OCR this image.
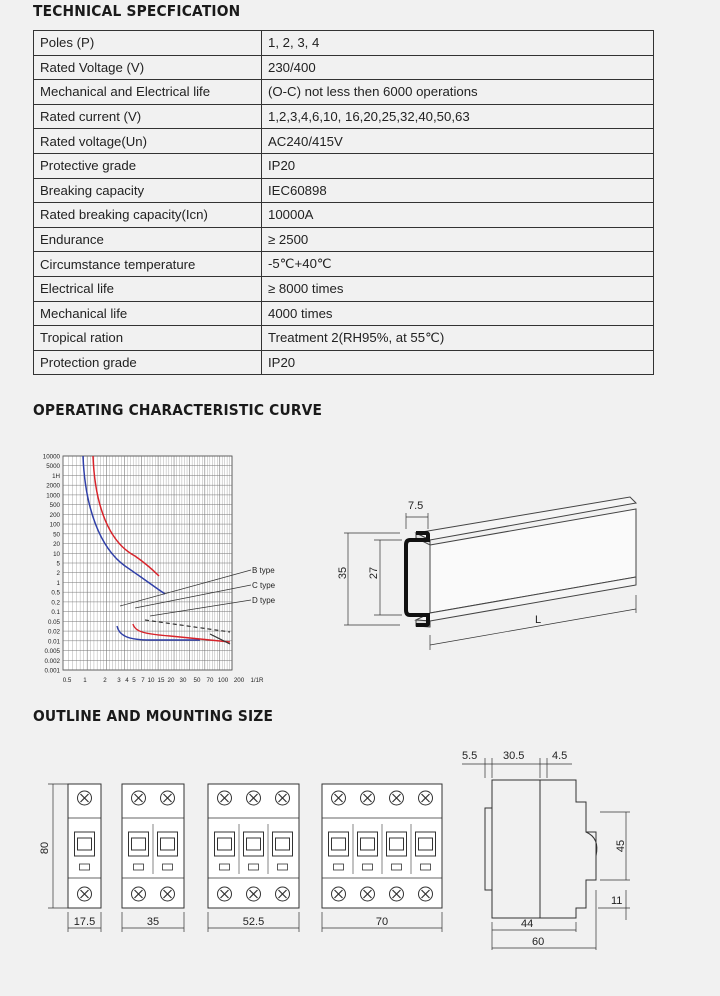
TECHNICAL SPECFICATION
Poles (P)	1, 2, 3, 4
Rated Voltage (V)	230/400
Mechanical and Electrical life	(O-C) not less then 6000 operations
Rated current (V)	1,2,3,4,6,10, 16,20,25,32,40,50,63
Rated voltage(Un)	AC240/415V
Protective grade	IP20
Breaking capacity	IEC60898
Rated breaking capacity(Icn)	10000A
Endurance	≥ 2500
Circumstance temperature	-5℃+40℃
Electrical life	≥ 8000 times
Mechanical life	4000 times
Tropical ration	Treatment 2(RH95%, at 55℃)
Protection grade	IP20
OPERATING CHARACTERISTIC CURVE
10000
5000
1H
2000
1000
500
200
100
50
20
10
5
2
1
0.5
0.2
0.1
0.05
0.02
0.01
0.005
0.002
0.001
0.5 1	2 3 4 5 7 10 15 20 30 50 70 100 200 1/1R
B type
C type
D type
7.5
35 27
L
OUTLINE AND MOUNTING SIZE
80
17.5	35	52.5	70
5.5 30.5	4.5
45
11
44
60
